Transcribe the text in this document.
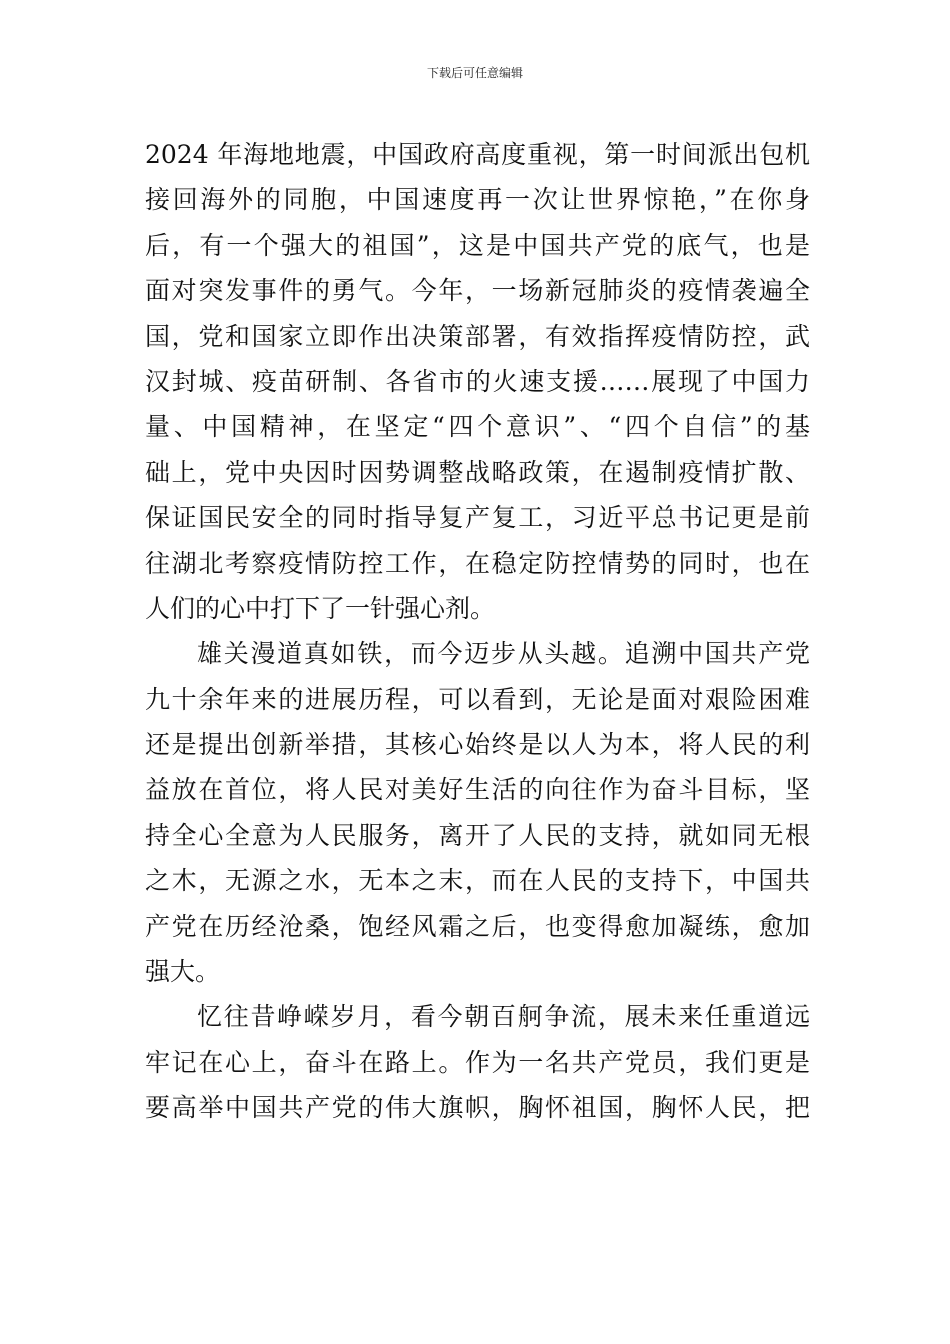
下载后可任意编辑
2024 年海地地震，中国政府高度重视，第一时间派出包机
接回海外的同胞，中国速度再一次让世界惊艳，”在你身
后，有一个强大的祖国”，这是中国共产党的底气，也是
面对突发事件的勇气。今年，一场新冠肺炎的疫情袭遍全
国，党和国家立即作出决策部署，有效指挥疫情防控，武
汉封城、疫苗研制、各省市的火速支援……展现了中国力
量、中国精神，在坚定“四个意识”、“四个自信”的基
础上，党中央因时因势调整战略政策，在遏制疫情扩散、
保证国民安全的同时指导复产复工，习近平总书记更是前
往湖北考察疫情防控工作，在稳定防控情势的同时，也在
人们的心中打下了一针强心剂。
雄关漫道真如铁，而今迈步从头越。追溯中国共产党
九十余年来的进展历程，可以看到，无论是面对艰险困难
还是提出创新举措，其核心始终是以人为本，将人民的利
益放在首位，将人民对美好生活的向往作为奋斗目标，坚
持全心全意为人民服务，离开了人民的支持，就如同无根
之木，无源之水，无本之末，而在人民的支持下，中国共
产党在历经沧桑，饱经风霜之后，也变得愈加凝练，愈加
强大。
忆往昔峥嵘岁月，看今朝百舸争流，展未来任重道远
牢记在心上，奋斗在路上。作为一名共产党员，我们更是
要高举中国共产党的伟大旗帜，胸怀祖国，胸怀人民，把
